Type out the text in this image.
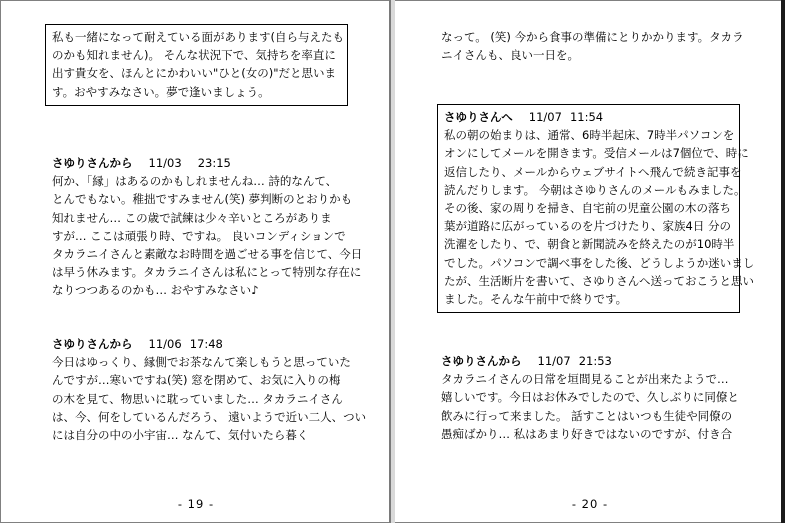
私も一緒になって耐えている面があります(自ら与えたも
のかも知れません)。 そんな状況下で、気持ちを率直に
出す貴女を、ほんとにかわいい"ひと(女の)"だと思いま
す。おやすみなさい。夢で逢いましょう。
さゆりさんから 11/03 23:15
何か、「縁」はあるのかもしれませんね… 詩的なんて、
とんでもない。稚拙ですみません(笑) 夢判断のとおりかも
知れません… この歳で試練は少々辛いところがありま
すが… ここは頑張り時、ですね。 良いコンディションで
タカラニイさんと素敵なお時間を過ごせる事を信じて、今日
は早う休みます。タカラニイさんは私にとって特別な存在に
なりつつあるのかも… おやすみなさい♪
さゆりさんから 11/06 17:48
今日はゆっくり、縁側でお茶なんて楽しもうと思っていた
んですが…寒いですね(笑) 窓を閉めて、お気に入りの梅
の木を見て、物思いに耽っていました… タカラニイさん
は、今、何をしているんだろう、 遠いようで近い二人、つい
には自分の中の小宇宙… なんて、気付いたら暮く
- 19 -
なって。 (笑) 今から食事の準備にとりかかります。タカラ
ニイさんも、良い一日を。
さゆりさんへ 11/07 11:54
私の朝の始まりは、通常、6時半起床、7時半パソコンを
オンにしてメールを開きます。受信メールは7個位で、時に
返信したり、メールからウェブサイトへ飛んで続き記事を
読んだりします。 今朝はさゆりさんのメールもみました。
その後、家の周りを掃き、自宅前の児童公園の木の落ち
葉が道路に広がっているのを片づけたり、家族4日 分の
洗濯をしたり、で、朝食と新聞読みを終えたのが10時半
でした。パソコンで調べ事をした後、どうしようか迷いまし
たが、生活断片を書いて、さゆりさんへ送っておこうと思い
ました。そんな午前中で終りです。
さゆりさんから 11/07 21:53
タカラニイさんの日常を垣間見ることが出来たようで…
嬉しいです。今日はお休みでしたので、久しぶりに同僚と
飲みに行って来ました。 話すことはいつも生徒や同僚の
愚痴ばかり… 私はあまり好きではないのですが、付き合
- 20 -
